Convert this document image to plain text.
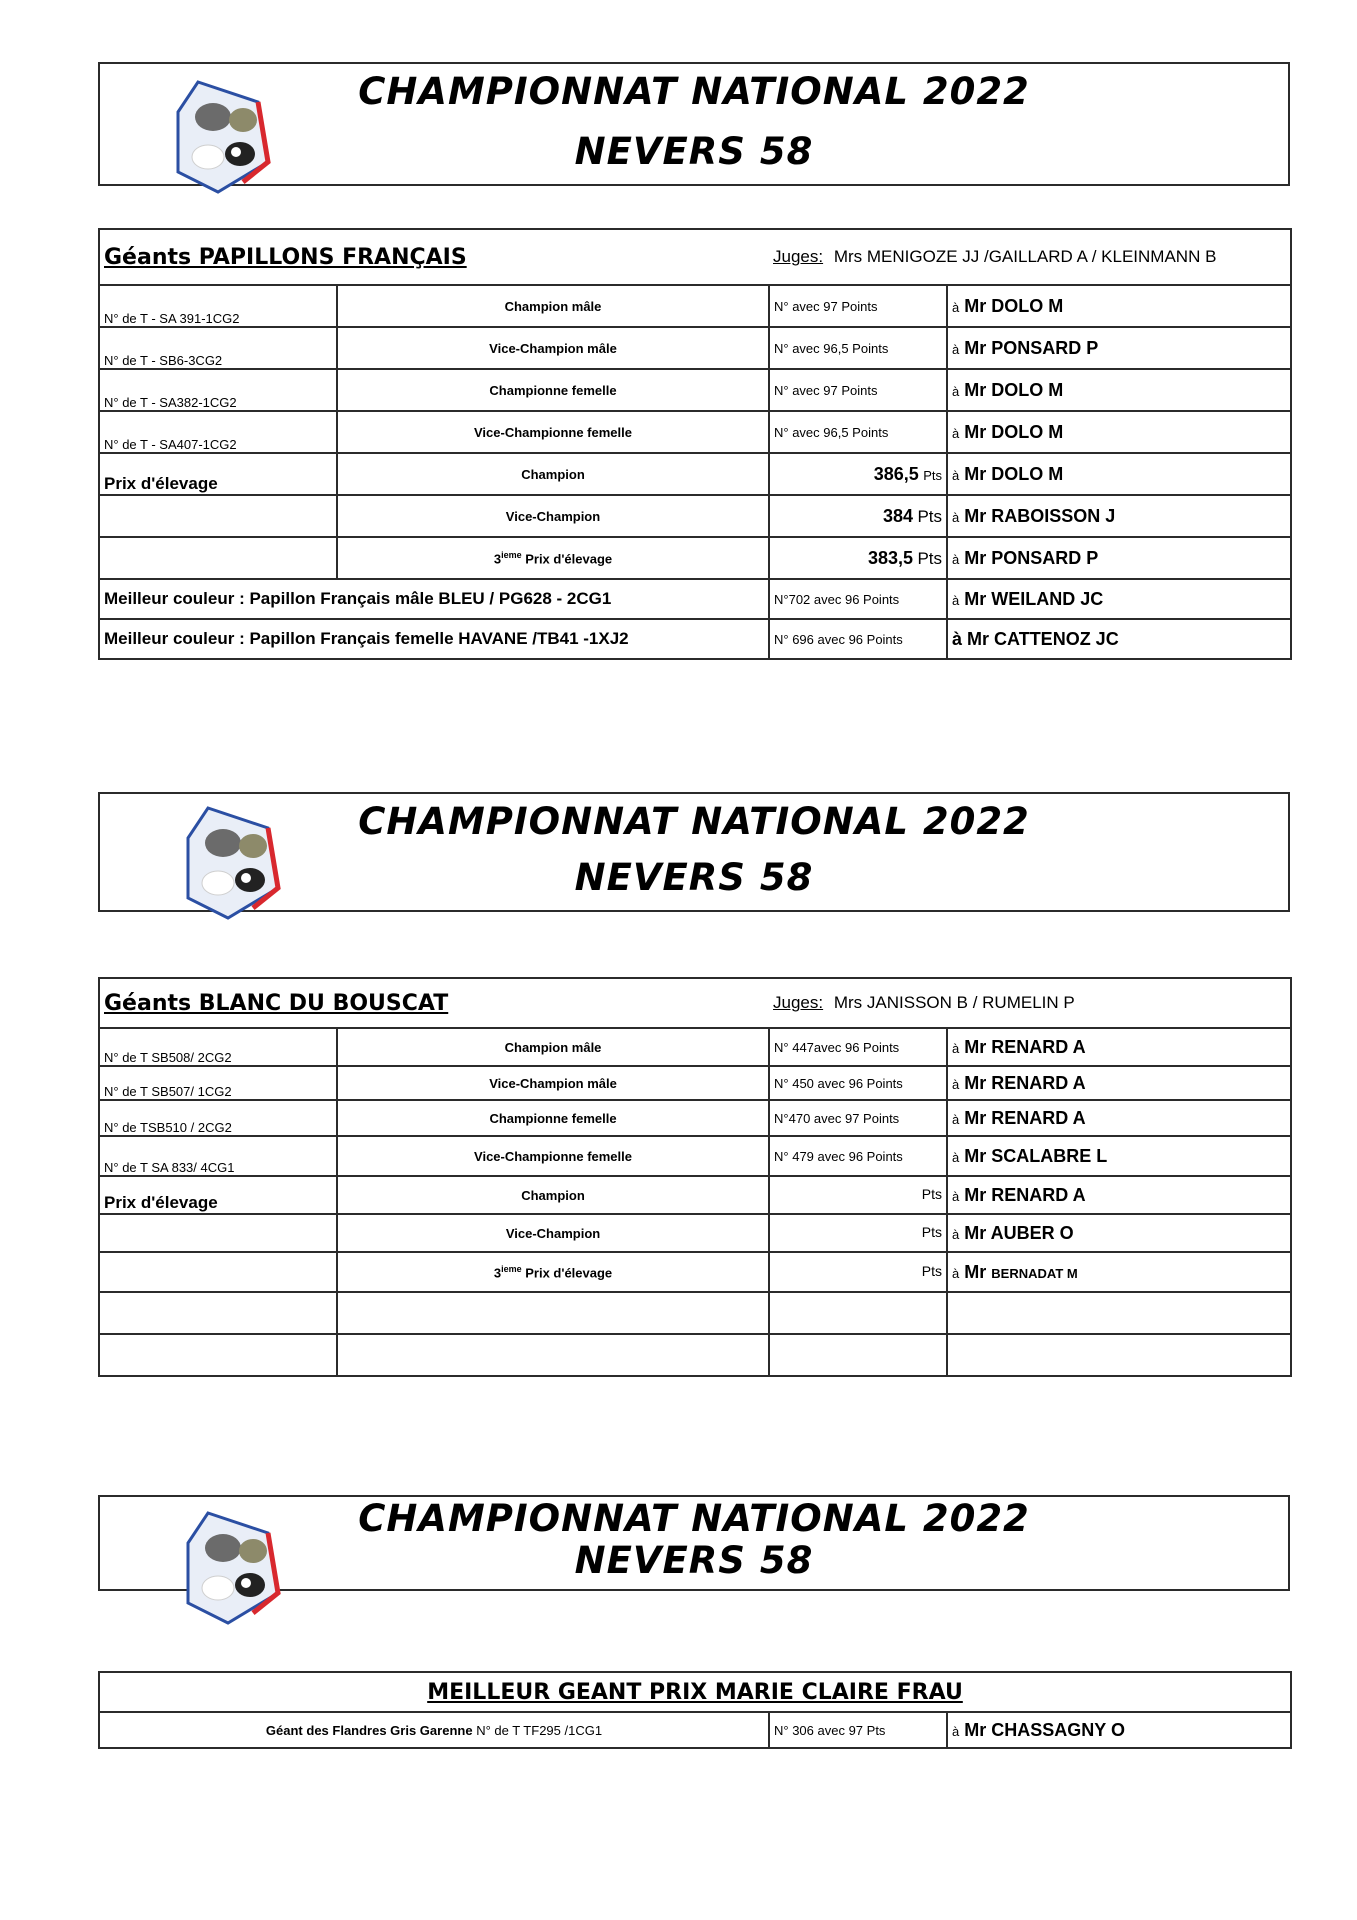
CHAMPIONNAT NATIONAL 2022
NEVERS 58
Géants PAPILLONS FRANÇAIS		Juges: Mrs MENIGOZE JJ /GAILLARD A / KLEINMANN B	
N° de T - SA 391-1CG2	Champion mâle	N° avec 97 Points	à Mr DOLO M
N° de T - SB6-3CG2	Vice-Champion mâle	N° avec 96,5 Points	à Mr PONSARD P
N° de T - SA382-1CG2	Championne femelle	N° avec 97 Points	à Mr DOLO M
N° de T - SA407-1CG2	Vice-Championne femelle	N° avec 96,5 Points	à Mr DOLO M
Prix d'élevage	Champion	386,5 Pts	à Mr DOLO M
	Vice-Champion	384 Pts	à Mr RABOISSON J
	3ieme Prix d'élevage	383,5 Pts	à Mr PONSARD P
Meilleur couleur : Papillon Français mâle BLEU / PG628 - 2CG1		N°702 avec 96 Points	à Mr WEILAND JC
Meilleur couleur : Papillon Français femelle HAVANE /TB41 -1XJ2		N° 696 avec 96 Points	à Mr CATTENOZ JC
CHAMPIONNAT NATIONAL 2022
NEVERS 58
Géants BLANC DU BOUSCAT		Juges: Mrs JANISSON B / RUMELIN P	
N° de T SB508/ 2CG2	Champion mâle	N° 447avec 96 Points	à Mr RENARD A
N° de T SB507/ 1CG2	Vice-Champion mâle	N° 450 avec 96 Points	à Mr RENARD A
N° de TSB510 / 2CG2	Championne femelle	N°470 avec 97 Points	à Mr RENARD A
N° de T SA 833/ 4CG1	Vice-Championne femelle	N° 479 avec 96 Points	à Mr SCALABRE L
Prix d'élevage	Champion	Pts	à Mr RENARD A
	Vice-Champion	Pts	à Mr AUBER O
	3ieme Prix d'élevage	Pts	à Mr BERNADAT M

CHAMPIONNAT NATIONAL 2022
NEVERS 58
MEILLEUR GEANT PRIX MARIE CLAIRE FRAU
Géant des Flandres Gris Garenne N° de T TF295 /1CG1	N° 306 avec 97 Pts	à Mr CHASSAGNY O
